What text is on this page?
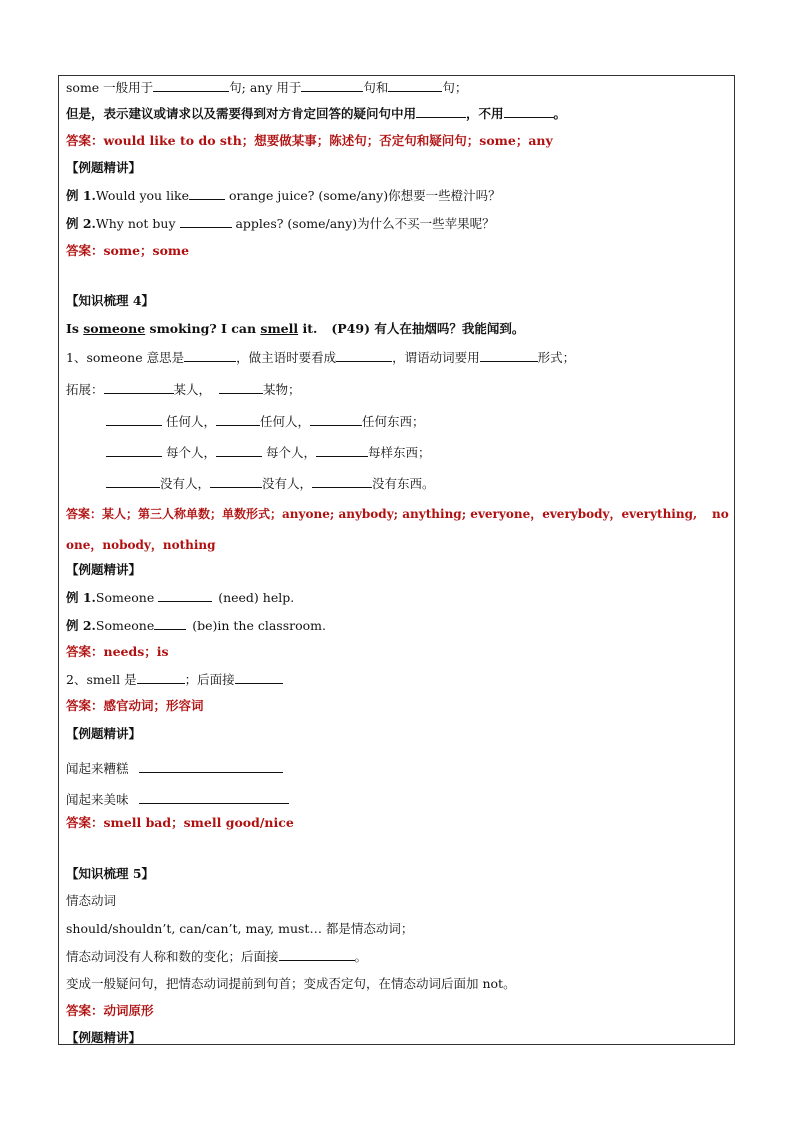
some 一般用于	句; any 用于	句和	句；
但是，表示建议或请求以及需要得到对方肯定回答的疑问句中用	，不用	。
答案：would like to do sth；想要做某事；陈述句；否定句和疑问句；some；any
【例题精讲】
例 1.Would you like	orange juice? (some/any)你想要一些橙汁吗？
例 2.Why not buy	apples? (some/any)为什么不买一些苹果呢？
答案：some；some
【知识梳理 4】
Is someone smoking? I can smell it. (P49) 有人在抽烟吗？我能闻到。
1、someone 意思是	，做主语时要看成	，谓语动词要用	形式；
拓展：	某人，	某物；
任何人，	任何人，	任何东西；
每个人，	每个人，	每样东西；
没有人，	没有人，	没有东西。
答案：某人；第三人称单数；单数形式；anyone; anybody; anything; everyone，everybody，everything, no
one，nobody，nothing
【例题精讲】
例 1.Someone	(need) help.
例 2.Someone	(be)in the classroom.
答案：needs；is
2、smell 是	；后面接
答案：感官动词；形容词
【例题精讲】
闻起来糟糕
闻起来美味
答案：smell bad；smell good/nice
【知识梳理 5】
情态动词
should/shouldn’t, can/can’t, may, must… 都是情态动词；
情态动词没有人称和数的变化；后面接	。
变成一般疑问句，把情态动词提前到句首；变成否定句，在情态动词后面加 not。
答案：动词原形
【例题精讲】
